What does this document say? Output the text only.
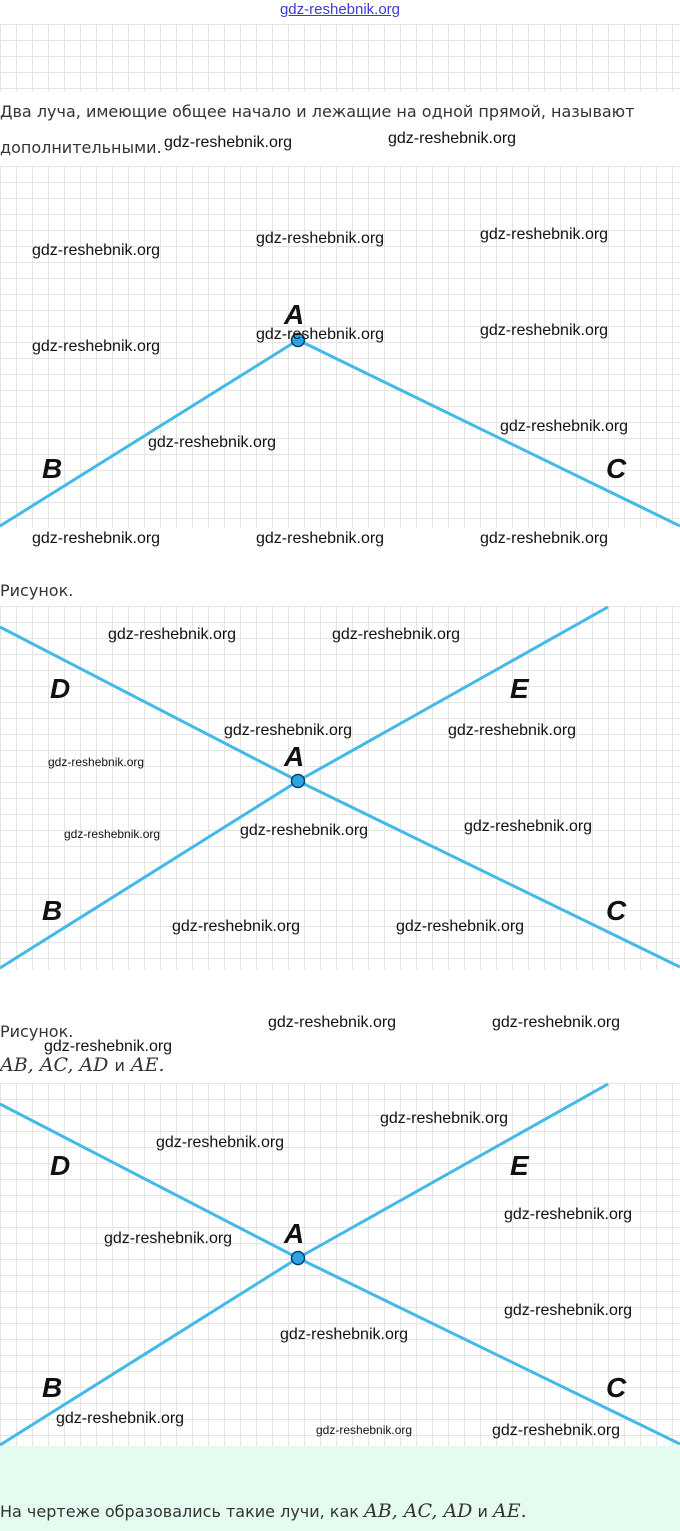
gdz-reshebnik.org
Два луча, имеющие общее начало и лежащие на одной прямой, называют
дополнительными.
A
B	C
Рисунок.
A
B	C
D	E
Рисунок.
AB, AC, AD и AE.
A
B	C
D	E
На чертеже образовались такие лучи, как AB, AC, AD и AE.
gdz-reshebnik.org	gdz-reshebnik.org
gdz-reshebnik.org
gdz-reshebnik.org	gdz-reshebnik.org
gdz-reshebnik.org
gdz-reshebnik.org	gdz-reshebnik.org
gdz-reshebnik.org
gdz-reshebnik.org
gdz-reshebnik.org	gdz-reshebnik.org	gdz-reshebnik.org
gdz-reshebnik.org	gdz-reshebnik.org
gdz-reshebnik.org	gdz-reshebnik.org
gdz-reshebnik.org
gdz-reshebnik.org	gdz-reshebnik.org	gdz-reshebnik.org
gdz-reshebnik.org	gdz-reshebnik.org
gdz-reshebnik.org	gdz-reshebnik.org
gdz-reshebnik.org
gdz-reshebnik.org
gdz-reshebnik.org
gdz-reshebnik.org
gdz-reshebnik.org
gdz-reshebnik.org
gdz-reshebnik.org
gdz-reshebnik.org
gdz-reshebnik.org	gdz-reshebnik.org
